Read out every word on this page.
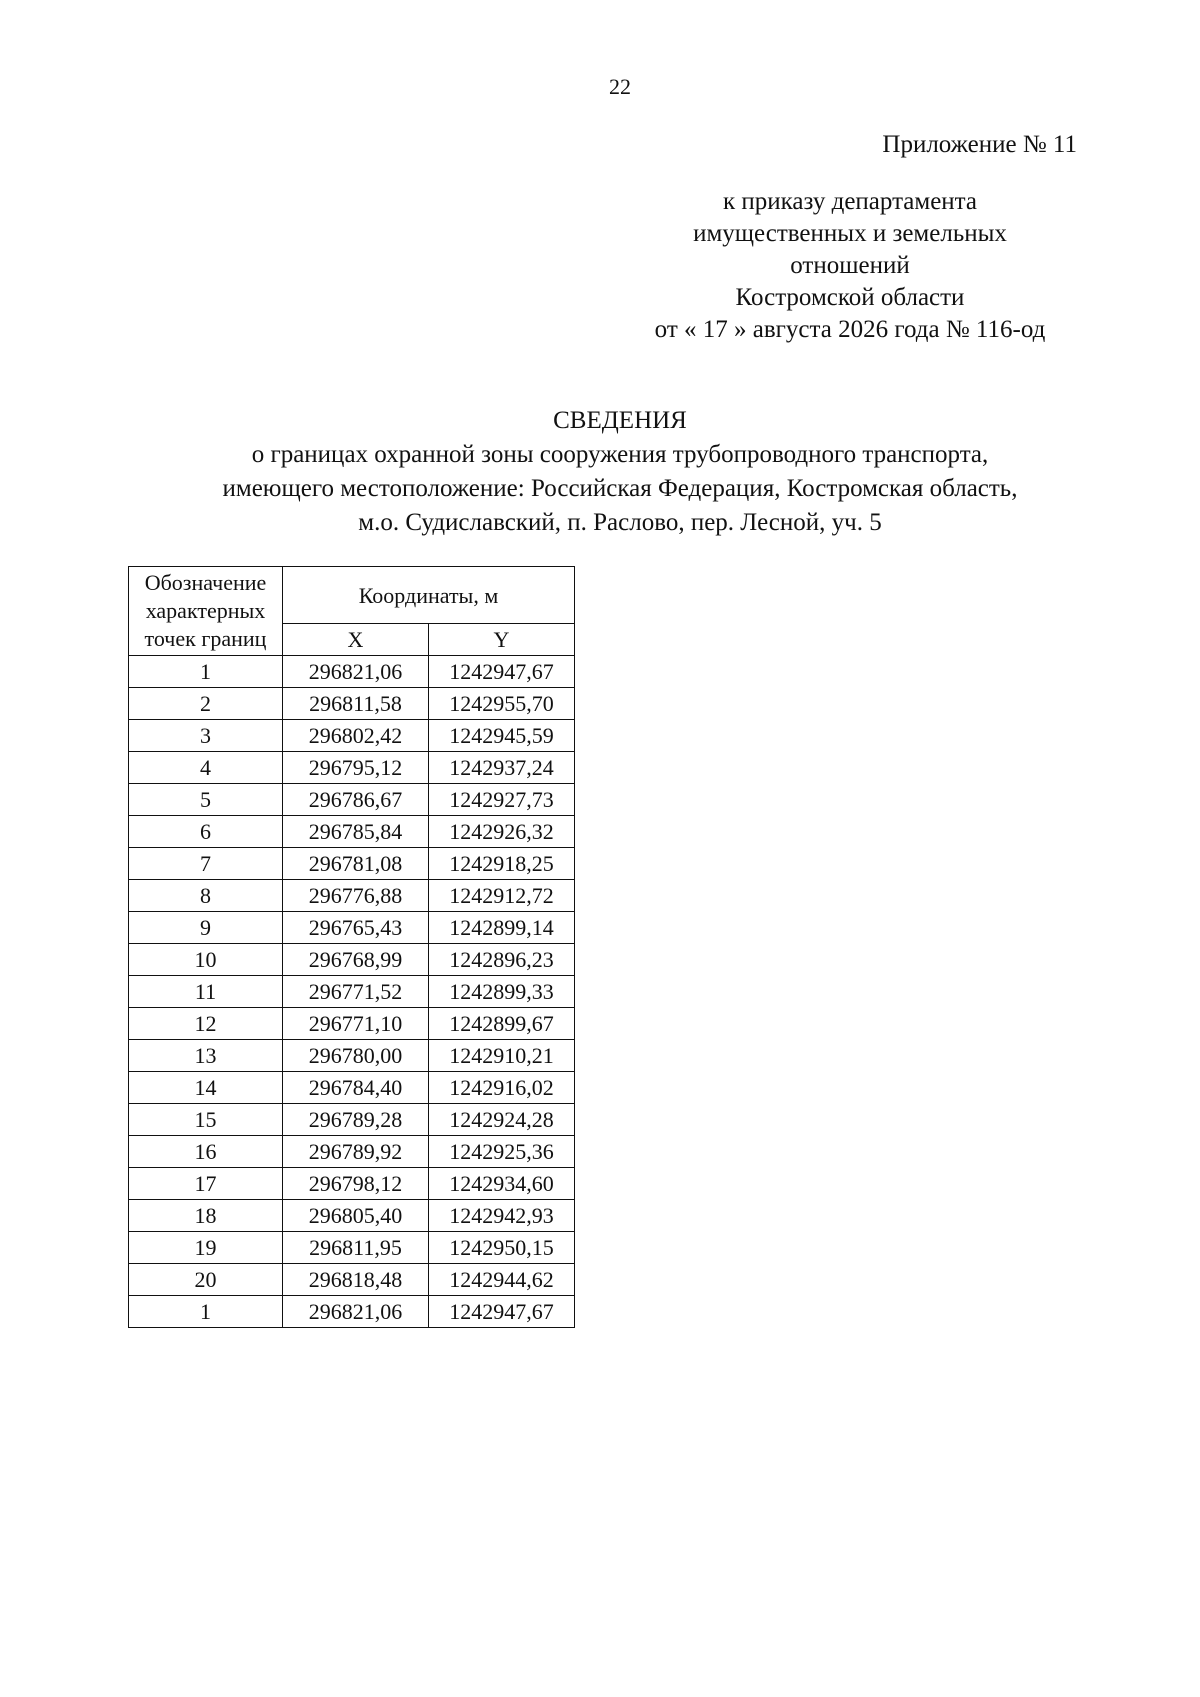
22
Приложение № 11
к приказу департамента
имущественных и земельных
отношений
Костромской области
от « 17 » августа 2026 года № 116-од
СВЕДЕНИЯ
о границах охранной зоны сооружения трубопроводного транспорта,
имеющего местоположение: Российская Федерация, Костромская область,
м.о. Судиславский, п. Раслово, пер. Лесной, уч. 5
Обозначение характерных точек границ	Координаты, м	
	X	Y
1	296821,06	1242947,67
2	296811,58	1242955,70
3	296802,42	1242945,59
4	296795,12	1242937,24
5	296786,67	1242927,73
6	296785,84	1242926,32
7	296781,08	1242918,25
8	296776,88	1242912,72
9	296765,43	1242899,14
10	296768,99	1242896,23
11	296771,52	1242899,33
12	296771,10	1242899,67
13	296780,00	1242910,21
14	296784,40	1242916,02
15	296789,28	1242924,28
16	296789,92	1242925,36
17	296798,12	1242934,60
18	296805,40	1242942,93
19	296811,95	1242950,15
20	296818,48	1242944,62
1	296821,06	1242947,67
